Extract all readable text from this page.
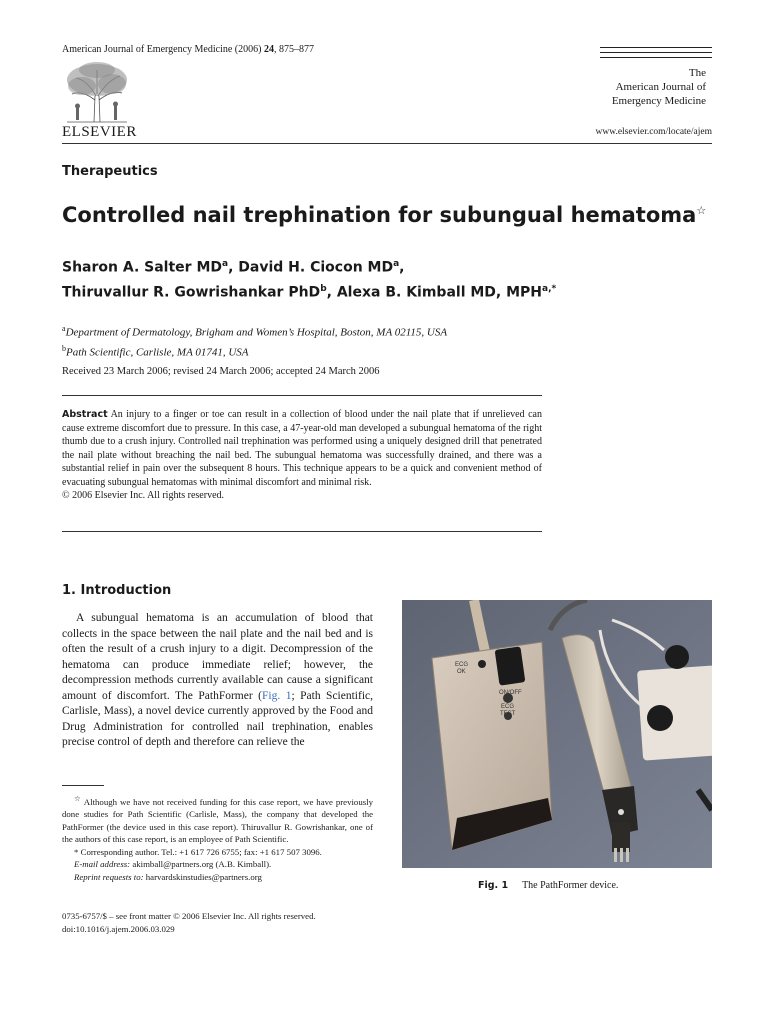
American Journal of Emergency Medicine (2006) 24, 875–877
ELSEVIER
The
American Journal of
Emergency Medicine
www.elsevier.com/locate/ajem
Therapeutics
Controlled nail trephination for subungual hematoma☆
Sharon A. Salter $MD^a$, David H. Ciocon $MD^a$,
Thiruvallur R. Gowrishankar PhD$^b$, Alexa B. Kimball MD, $MPH^{a,*}$
$^a$Department of Dermatology, Brigham and Women’s Hospital, Boston, MA 02115, USA
$^b$Path Scientific, Carlisle, MA 01741, USA
Received 23 March 2006; revised 24 March 2006; accepted 24 March 2006
Abstract An injury to a finger or toe can result in a collection of blood under the nail plate that if unrelieved can cause extreme discomfort due to pressure. In this case, a 47-year-old man developed a subungual hematoma of the right thumb due to a crush injury. Controlled nail trephination was performed using a uniquely designed drill that penetrated the nail plate without breaching the nail bed. The subungual hematoma was successfully drained, and there was a substantial relief in pain over the subsequent 8 hours. This technique appears to be a quick and convenient method of evacuating subungual hematomas with minimal discomfort and minimal risk.
© 2006 Elsevier Inc. All rights reserved.
1. Introduction

A subungual hematoma is an accumulation of blood that collects in the space between the nail plate and the nail bed and is often the result of a crush injury to a digit. Decompression of the hematoma can produce immediate relief; however, the decompression methods currently available can cause a significant amount of discomfort. The PathFormer (Fig. 1; Path Scientific, Carlisle, Mass), a novel device currently approved by the Food and Drug Administration for controlled nail trephination, enables precise control of depth and therefore can relieve the

☆ Although we have not received funding for this case report, we have previously done studies for Path Scientific (Carlisle, Mass), the company that developed the PathFormer (the device used in this case report). Thiruvallur R. Gowrishankar, one of the authors of this case report, is an employee of Path Scientific.

* Corresponding author. Tel.: +1 617 726 6755; fax: +1 617 507 3096.

E-mail address: akimball@partners.org (A.B. Kimball).

Reprint requests to: harvardskinstudies@partners.org

0735-6757/$ – see front matter © 2006 Elsevier Inc. All rights reserved.
doi:10.1016/j.ajem.2006.03.029
ECG
OK
ON/OFF
ECG
TEST
Fig. 1 The PathFormer device.
